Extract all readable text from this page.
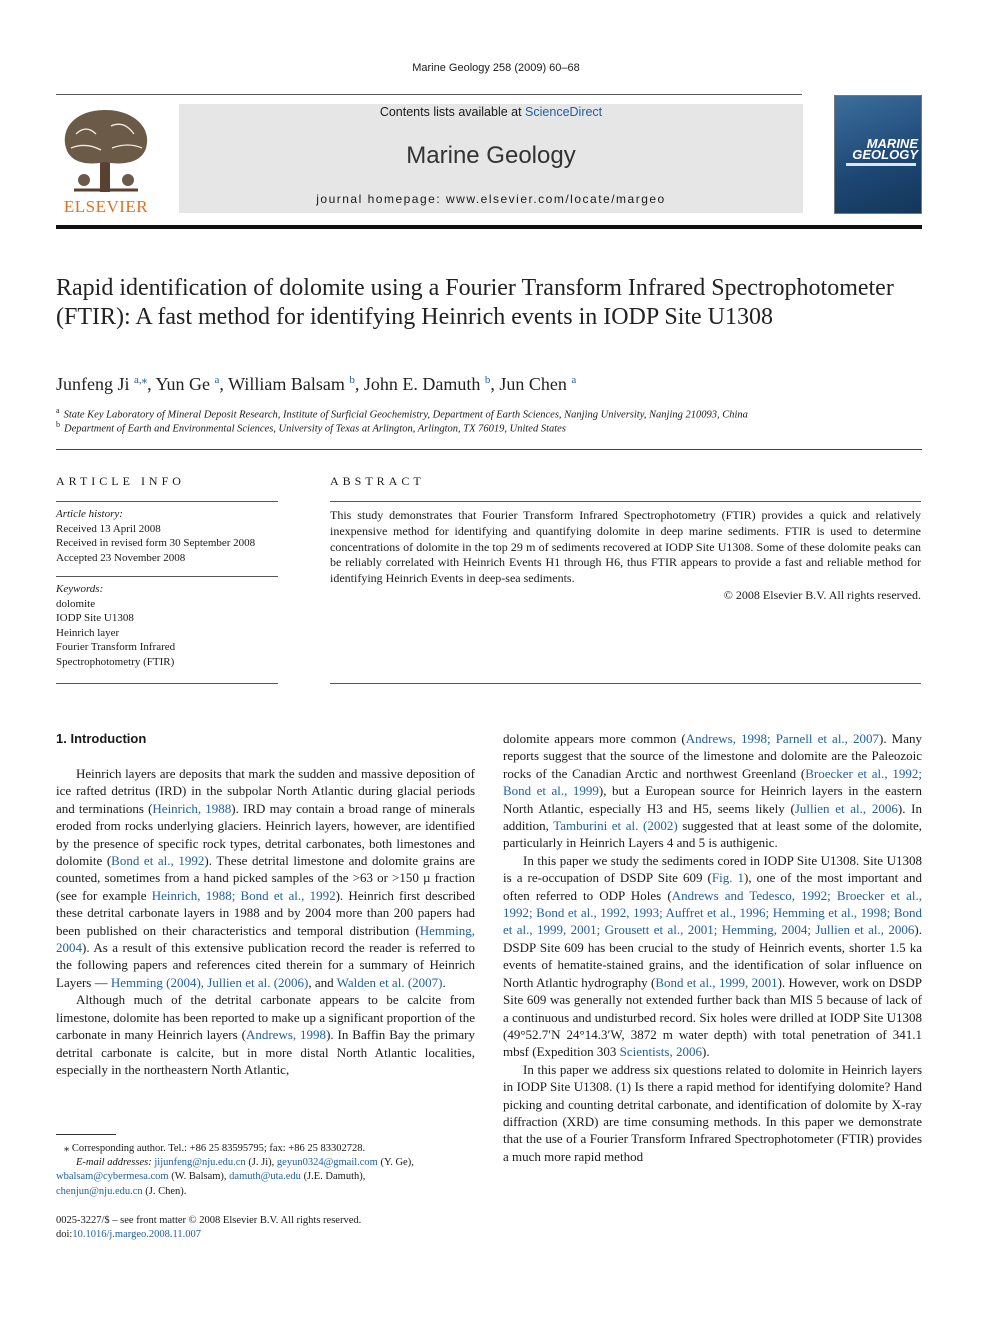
Marine Geology 258 (2009) 60–68
ELSEVIER
Contents lists available at ScienceDirect
Marine Geology
journal homepage: www.elsevier.com/locate/margeo
MARINE
GEOLOGY
Rapid identification of dolomite using a Fourier Transform Infrared Spectrophotometer (FTIR): A fast method for identifying Heinrich events in IODP Site U1308
Junfeng Ji $^{a,⁎}$, Yun Ge $^a$, William Balsam $^b$, John E. Damuth $^b$, Jun Chen $^a$
$^a$ State Key Laboratory of Mineral Deposit Research, Institute of Surficial Geochemistry, Department of Earth Sciences, Nanjing University, Nanjing 210093, China
$^b$ Department of Earth and Environmental Sciences, University of Texas at Arlington, Arlington, TX 76019, United States
ARTICLE INFO
Article history:
Received 13 April 2008
Received in revised form 30 September 2008
Accepted 23 November 2008
Keywords:
dolomite
IODP Site U1308
Heinrich layer
Fourier Transform Infrared
Spectrophotometry (FTIR)
ABSTRACT
This study demonstrates that Fourier Transform Infrared Spectrophotometry (FTIR) provides a quick and relatively inexpensive method for identifying and quantifying dolomite in deep marine sediments. FTIR is used to determine concentrations of dolomite in the top 29 m of sediments recovered at IODP Site U1308. Some of these dolomite peaks can be reliably correlated with Heinrich Events H1 through H6, thus FTIR appears to provide a fast and reliable method for identifying Heinrich Events in deep-sea sediments.
© 2008 Elsevier B.V. All rights reserved.
1. Introduction

Heinrich layers are deposits that mark the sudden and massive deposition of ice rafted detritus (IRD) in the subpolar North Atlantic during glacial periods and terminations (Heinrich, 1988). IRD may contain a broad range of minerals eroded from rocks underlying glaciers. Heinrich layers, however, are identified by the presence of specific rock types, detrital carbonates, both limestones and dolomite (Bond et al., 1992). These detrital limestone and dolomite grains are counted, sometimes from a hand picked samples of the >63 or >150 µ fraction (see for example Heinrich, 1988; Bond et al., 1992). Heinrich first described these detrital carbonate layers in 1988 and by 2004 more than 200 papers had been published on their characteristics and temporal distribution (Hemming, 2004). As a result of this extensive publication record the reader is referred to the following papers and references cited therein for a summary of Heinrich Layers — Hemming (2004), Jullien et al. (2006), and Walden et al. (2007).

Although much of the detrital carbonate appears to be calcite from limestone, dolomite has been reported to make up a significant proportion of the carbonate in many Heinrich layers (Andrews, 1998). In Baffin Bay the primary detrital carbonate is calcite, but in more distal North Atlantic localities, especially in the northeastern North Atlantic,

⁎ Corresponding author. Tel.: +86 25 83595795; fax: +86 25 83302728.
E-mail addresses: jijunfeng@nju.edu.cn (J. Ji), geyun0324@gmail.com (Y. Ge),
wbalsam@cybermesa.com (W. Balsam), damuth@uta.edu (J.E. Damuth),
chenjun@nju.edu.cn (J. Chen).
0025-3227/$ – see front matter © 2008 Elsevier B.V. All rights reserved.
doi:10.1016/j.margeo.2008.11.007

dolomite appears more common (Andrews, 1998; Parnell et al., 2007). Many reports suggest that the source of the limestone and dolomite are the Paleozoic rocks of the Canadian Arctic and northwest Greenland (Broecker et al., 1992; Bond et al., 1999), but a European source for Heinrich layers in the eastern North Atlantic, especially H3 and H5, seems likely (Jullien et al., 2006). In addition, Tamburini et al. (2002) suggested that at least some of the dolomite, particularly in Heinrich Layers 4 and 5 is authigenic.

In this paper we study the sediments cored in IODP Site U1308. Site U1308 is a re-occupation of DSDP Site 609 (Fig. 1), one of the most important and often referred to ODP Holes (Andrews and Tedesco, 1992; Broecker et al., 1992; Bond et al., 1992, 1993; Auffret et al., 1996; Hemming et al., 1998; Bond et al., 1999, 2001; Grousett et al., 2001; Hemming, 2004; Jullien et al., 2006). DSDP Site 609 has been crucial to the study of Heinrich events, shorter 1.5 ka events of hematite-stained grains, and the identification of solar influence on North Atlantic hydrography (Bond et al., 1999, 2001). However, work on DSDP Site 609 was generally not extended further back than MIS 5 because of lack of a continuous and undisturbed record. Six holes were drilled at IODP Site U1308 (49°52.7′N 24°14.3′W, 3872 m water depth) with total penetration of 341.1 mbsf (Expedition 303 Scientists, 2006).

In this paper we address six questions related to dolomite in Heinrich layers in IODP Site U1308. (1) Is there a rapid method for identifying dolomite? Hand picking and counting detrital carbonate, and identification of dolomite by X-ray diffraction (XRD) are time consuming methods. In this paper we demonstrate that the use of a Fourier Transform Infrared Spectrophotometer (FTIR) provides a much more rapid method
